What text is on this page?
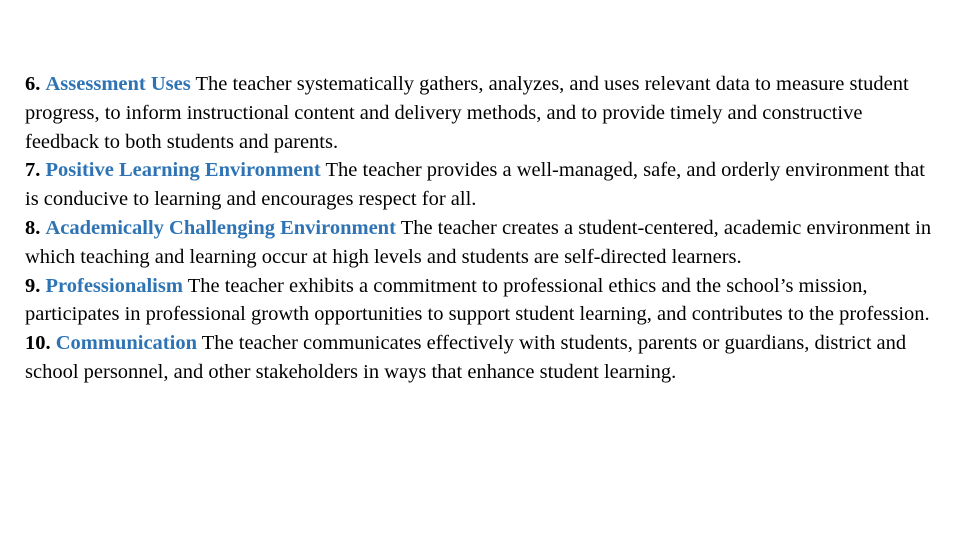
6. Assessment Uses The teacher systematically gathers, analyzes, and uses relevant data to measure student progress, to inform instructional content and delivery methods, and to provide timely and constructive feedback to both students and parents.

7. Positive Learning Environment The teacher provides a well-managed, safe, and orderly environment that is conducive to learning and encourages respect for all.

8. Academically Challenging Environment The teacher creates a student-centered, academic environment in which teaching and learning occur at high levels and students are self-directed learners.

9. Professionalism The teacher exhibits a commitment to professional ethics and the school’s mission, participates in professional growth opportunities to support student learning, and contributes to the profession.

10. Communication The teacher communicates effectively with students, parents or guardians, district and school personnel, and other stakeholders in ways that enhance student learning.
